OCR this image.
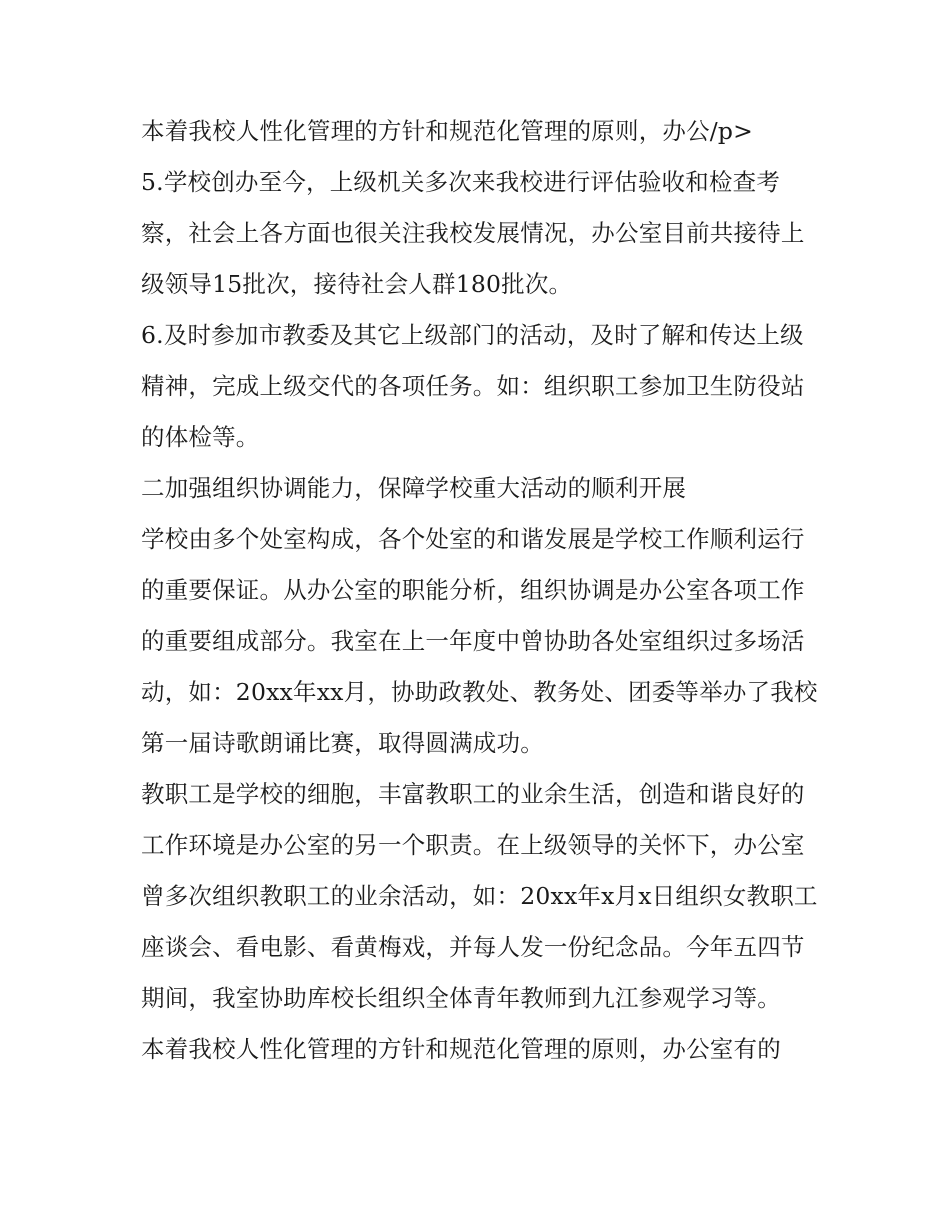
本着我校人性化管理的方针和规范化管理的原则，办公/p>

5.学校创办至今，上级机关多次来我校进行评估验收和检查考察，社会上各方面也很关注我校发展情况，办公室目前共接待上级领导15批次，接待社会人群180批次。

6.及时参加市教委及其它上级部门的活动，及时了解和传达上级精神，完成上级交代的各项任务。如：组织职工参加卫生防役站的体检等。

二加强组织协调能力，保障学校重大活动的顺利开展

学校由多个处室构成，各个处室的和谐发展是学校工作顺利运行的重要保证。从办公室的职能分析，组织协调是办公室各项工作的重要组成部分。我室在上一年度中曾协助各处室组织过多场活动，如：20xx年xx月，协助政教处、教务处、团委等举办了我校第一届诗歌朗诵比赛，取得圆满成功。

教职工是学校的细胞，丰富教职工的业余生活，创造和谐良好的工作环境是办公室的另一个职责。在上级领导的关怀下，办公室曾多次组织教职工的业余活动，如：20xx年x月x日组织女教职工座谈会、看电影、看黄梅戏，并每人发一份纪念品。今年五四节期间，我室协助库校长组织全体青年教师到九江参观学习等。

本着我校人性化管理的方针和规范化管理的原则，办公室有的
